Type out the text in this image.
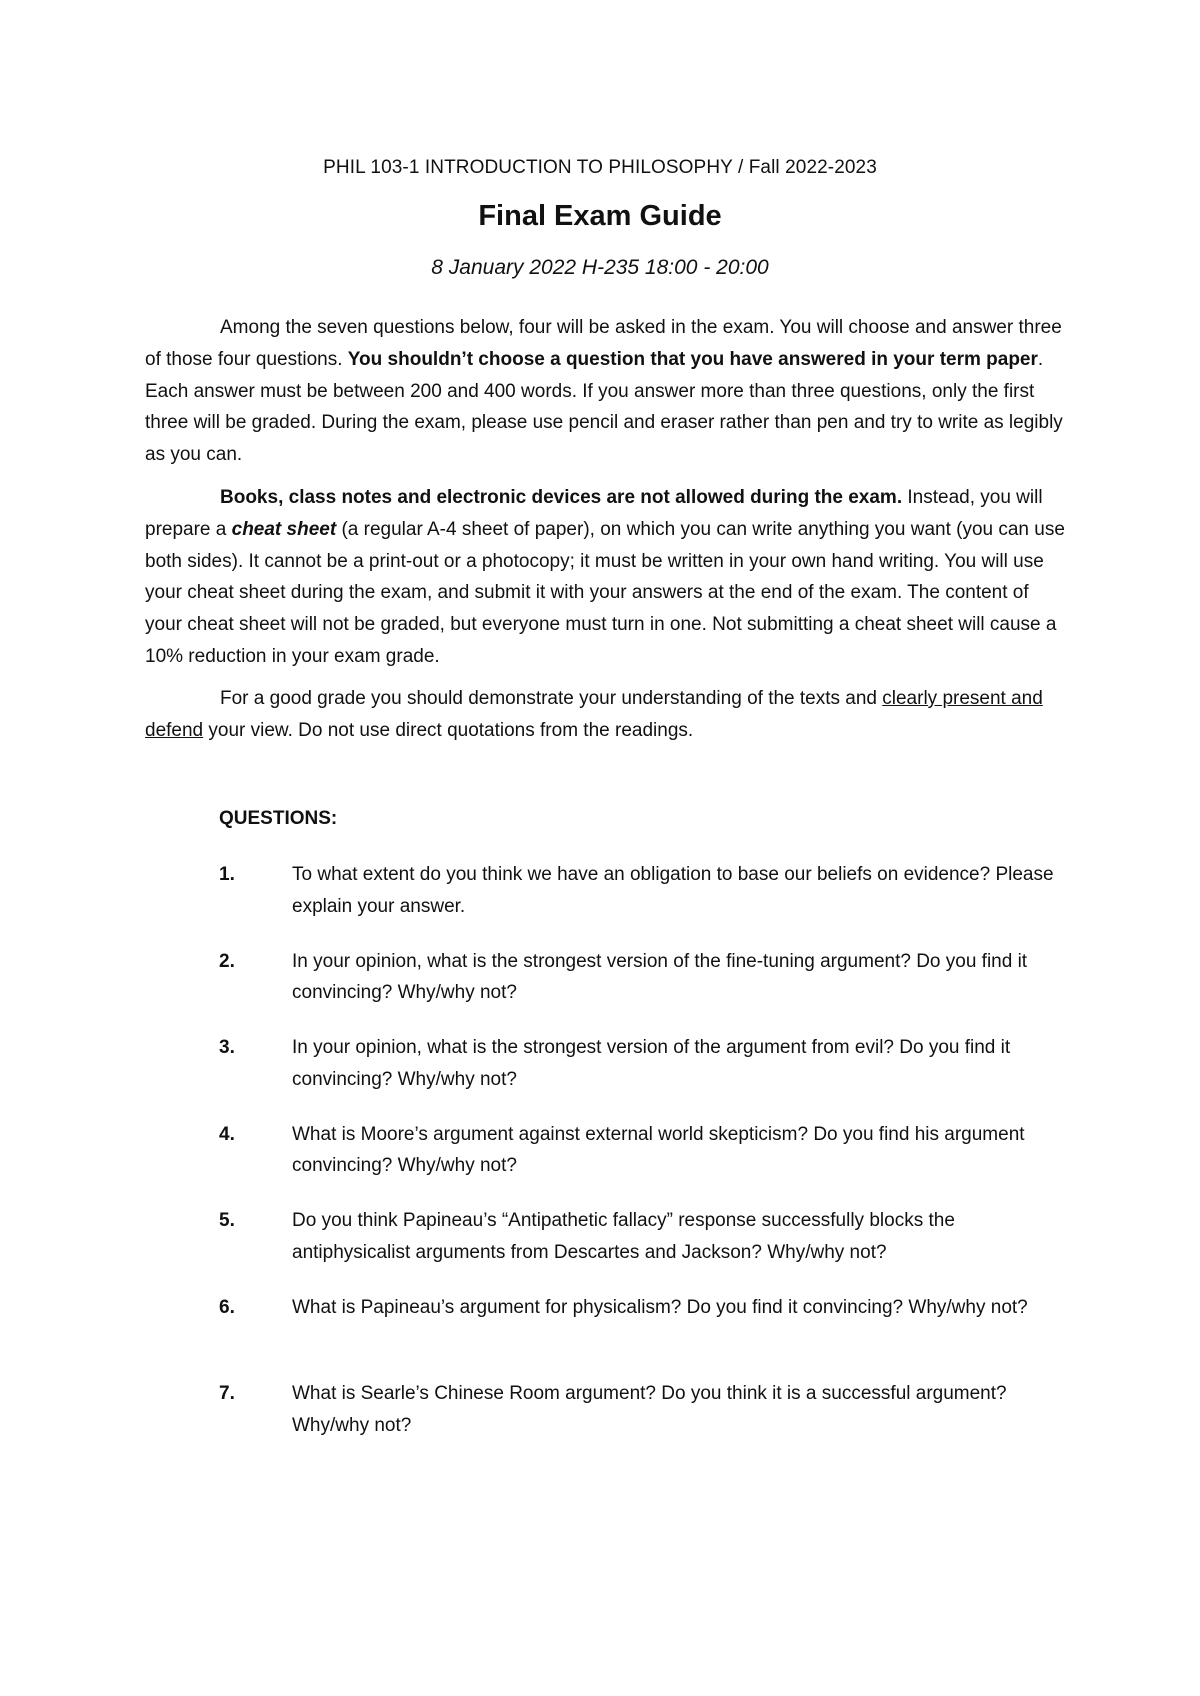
PHIL 103-1 INTRODUCTION TO PHILOSOPHY / Fall 2022-2023
Final Exam Guide
8 January 2022 H-235 18:00 - 20:00

Among the seven questions below, four will be asked in the exam. You will choose and answer three of those four questions. You shouldn’t choose a question that you have answered in your term paper. Each answer must be between 200 and 400 words. If you answer more than three questions, only the first three will be graded. During the exam, please use pencil and eraser rather than pen and try to write as legibly as you can.

Books, class notes and electronic devices are not allowed during the exam. Instead, you will prepare a cheat sheet (a regular A-4 sheet of paper), on which you can write anything you want (you can use both sides). It cannot be a print-out or a photocopy; it must be written in your own hand writing. You will use your cheat sheet during the exam, and submit it with your answers at the end of the exam. The content of your cheat sheet will not be graded, but everyone must turn in one. Not submitting a cheat sheet will cause a 10% reduction in your exam grade.

For a good grade you should demonstrate your understanding of the texts and clearly present and defend your view. Do not use direct quotations from the readings.

QUESTIONS:
1.	To what extent do you think we have an obligation to base our beliefs on evidence? Please explain your answer.
2.	In your opinion, what is the strongest version of the fine-tuning argument? Do you find it convincing? Why/why not?
3.	In your opinion, what is the strongest version of the argument from evil? Do you find it convincing? Why/why not?
4.	What is Moore’s argument against external world skepticism? Do you find his argument convincing? Why/why not?
5.	Do you think Papineau’s “Antipathetic fallacy” response successfully blocks the antiphysicalist arguments from Descartes and Jackson? Why/why not?
6.	What is Papineau’s argument for physicalism? Do you find it convincing? Why/why not?
7.	What is Searle’s Chinese Room argument? Do you think it is a successful argument? Why/why not?
